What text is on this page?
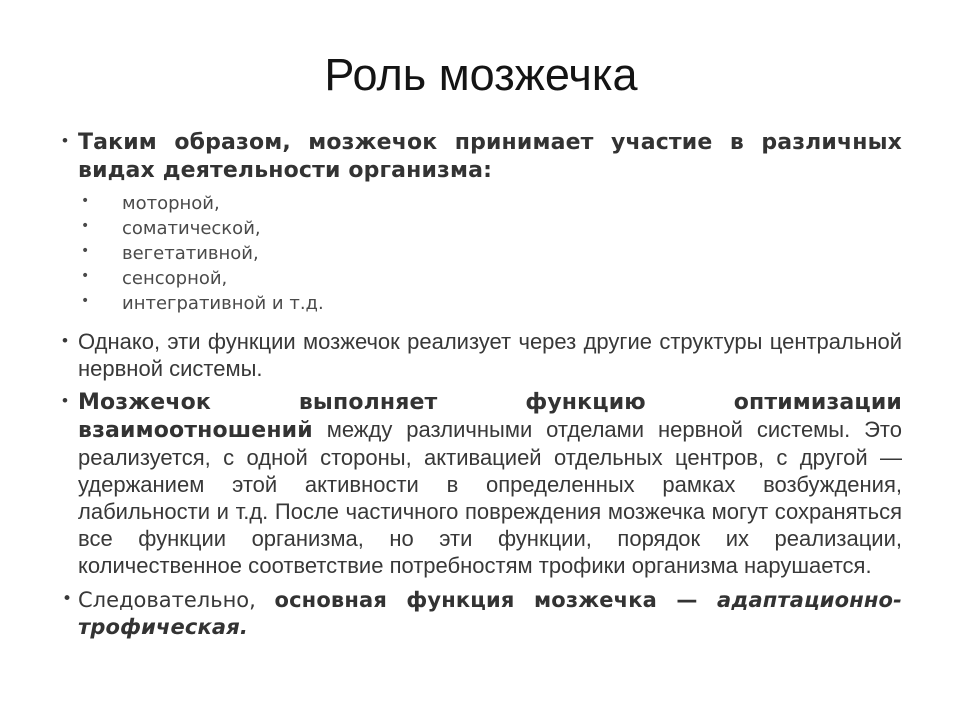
Роль мозжечка

• Таким образом, мозжечок принимает участие в различных видах деятельности организма:

• моторной,
• соматической,
• вегетативной,
• сенсорной,
• интегративной и т.д.

• Однако, эти функции мозжечок реализует через другие структуры центральной нервной системы.

• Мозжечок выполняет функцию оптимизации взаимоотношений между различными отделами нервной системы. Это реализуется, с одной стороны, активацией отдельных центров, с другой — удержанием этой активности в определенных рамках возбуждения, лабильности и т.д. После частичного повреждения мозжечка могут сохраняться все функции организма, но эти функции, порядок их реализации, количественное соответствие потребностям трофики организма нарушается.

• Следовательно, основная функция мозжечка — адаптационно-трофическая.
